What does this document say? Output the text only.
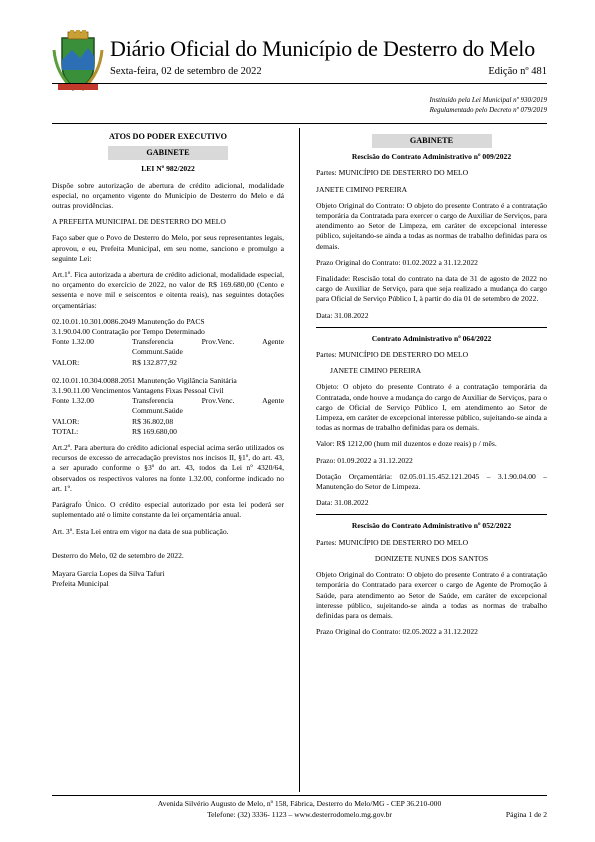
Diário Oficial do Município de Desterro do Melo
Sexta-feira, 02 de setembro de 2022	Edição nº 481
Instituído pela Lei Municipal nº 930/2019
Regulamentado pelo Decreto nº 079/2019
ATOS DO PODER EXECUTIVO
GABINETE
LEI Nº 982/2022

Dispõe sobre autorização de abertura de crédito adicional, modalidade especial, no orçamento vigente do Município de Desterro do Melo e dá outras providências.

A PREFEITA MUNICIPAL DE DESTERRO DO MELO

Faço saber que o Povo de Desterro do Melo, por seus representantes legais, aprovou, e eu, Prefeita Municipal, em seu nome, sanciono e promulgo a seguinte Lei:

Art.1º. Fica autorizada a abertura de crédito adicional, modalidade especial, no orçamento do exercício de 2022, no valor de R$ 169.680,00 (Cento e sessenta e nove mil e seiscentos e oitenta reais), nas seguintes dotações orçamentárias:

02.10.01.10.301.0086.2049 Manutenção do PACS
3.1.90.04.00 Contratação por Tempo Determinado
Fonte 1.32.00	Transferencia Prov.Venc. Agente Communt.Saúde
VALOR:	R$ 132.877,92
02.10.01.10.304.0088.2051 Manutenção Vigilância Sanitária
3.1.90.11.00 Vencimentos Vantagens Fixas Pessoal Civil
Fonte 1.32.00	Transferencia Prov.Venc. Agente Communt.Saúde
VALOR:	R$ 36.802,08
TOTAL:	R$ 169.680,00

Art.2º. Para abertura do crédito adicional especial acima serão utilizados os recursos de excesso de arrecadação previstos nos incisos II, §1º, do art. 43, a ser apurado conforme o §3º do art. 43, todos da Lei nº 4320/64, observados os respectivos valores na fonte 1.32.00, conforme indicado no art. 1º.

Parágrafo Único. O crédito especial autorizado por esta lei poderá ser suplementado até o limite constante da lei orçamentária anual.

Art. 3º. Esta Lei entra em vigor na data de sua publicação.

Desterro do Melo, 02 de setembro de 2022.

Mayara Garcia Lopes da Silva Tafuri
Prefeita Municipal
GABINETE
Rescisão do Contrato Administrativo nº 009/2022

Partes: MUNICÍPIO DE DESTERRO DO MELO

JANETE CIMINO PEREIRA

Objeto Original do Contrato: O objeto do presente Contrato é a contratação temporária da Contratada para exercer o cargo de Auxiliar de Serviços, para atendimento ao Setor de Limpeza, em caráter de excepcional interesse público, sujeitando-se ainda a todas as normas de trabalho definidas para os demais.

Prazo Original do Contrato: 01.02.2022 a 31.12.2022

Finalidade: Rescisão total do contrato na data de 31 de agosto de 2022 no cargo de Auxiliar de Serviço, para que seja realizado a mudança do cargo para Oficial de Serviço Público I, à partir do dia 01 de setembro de 2022.

Data: 31.08.2022

Contrato Administrativo nº 064/2022

Partes: MUNICÍPIO DE DESTERRO DO MELO

JANETE CIMINO PEREIRA

Objeto: O objeto do presente Contrato é a contratação temporária da Contratada, onde houve a mudança do cargo de Auxiliar de Serviços, para o cargo de Oficial de Serviço Público I, em atendimento ao Setor de Limpeza, em caráter de excepcional interesse público, sujeitando-se ainda a todas as normas de trabalho definidas para os demais.

Valor: R$ 1212,00 (hum mil duzentos e doze reais) p / mês.

Prazo: 01.09.2022 a 31.12.2022

Dotação Orçamentária: 02.05.01.15.452.121.2045 – 3.1.90.04.00 – Manutenção do Setor de Limpeza.

Data: 31.08.2022

Rescisão do Contrato Administrativo nº 052/2022

Partes: MUNICÍPIO DE DESTERRO DO MELO

DONIZETE NUNES DOS SANTOS

Objeto Original do Contrato: O objeto do presente Contrato é a contratação temporária do Contratado para exercer o cargo de Agente de Promoção à Saúde, para atendimento ao Setor de Saúde, em caráter de excepcional interesse público, sujeitando-se ainda a todas as normas de trabalho definidas para os demais.

Prazo Original do Contrato: 02.05.2022 a 31.12.2022

Avenida Silvério Augusto de Melo, nº 158, Fábrica, Desterro do Melo/MG - CEP 36.210-000
Telefone: (32) 3336- 1123 – www.desterrodomelo.mg.gov.br	Página 1 de 2
